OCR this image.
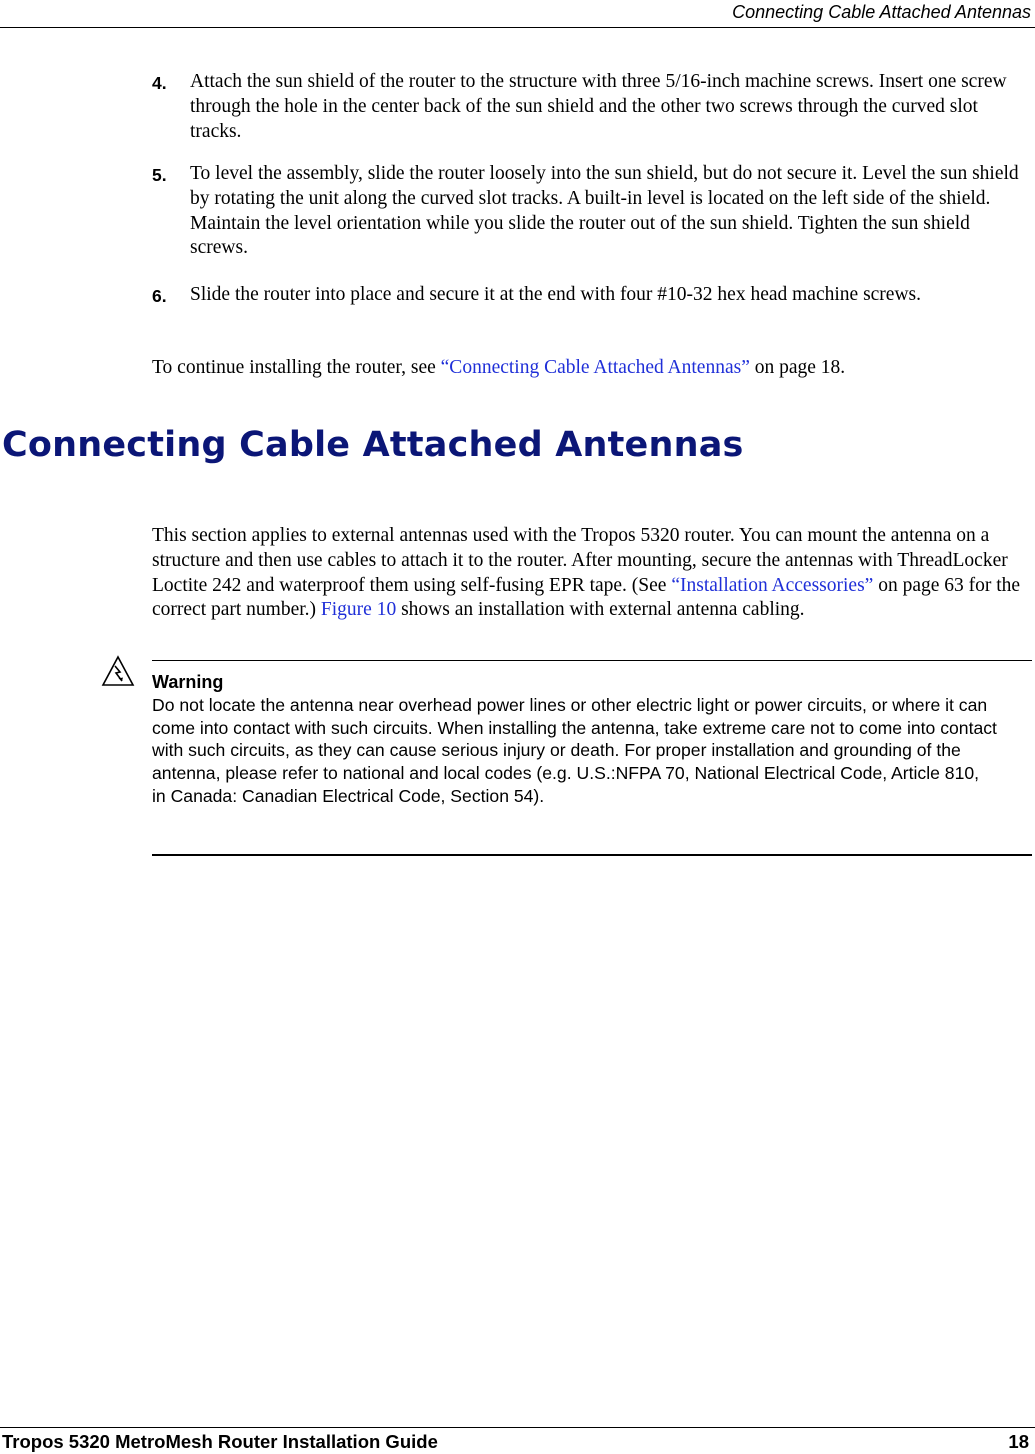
Connecting Cable Attached Antennas
4. Attach the sun shield of the router to the structure with three 5/16-inch machine screws. Insert one screw through the hole in the center back of the sun shield and the other two screws through the curved slot tracks.
5. To level the assembly, slide the router loosely into the sun shield, but do not secure it. Level the sun shield by rotating the unit along the curved slot tracks. A built-in level is located on the left side of the shield. Maintain the level orientation while you slide the router out of the sun shield. Tighten the sun shield screws.
6. Slide the router into place and secure it at the end with four #10-32 hex head machine screws.
To continue installing the router, see “Connecting Cable Attached Antennas” on page 18.
Connecting Cable Attached Antennas
This section applies to external antennas used with the Tropos 5320 router. You can mount the antenna on a structure and then use cables to attach it to the router. After mounting, secure the antennas with ThreadLocker Loctite 242 and waterproof them using self-fusing EPR tape. (See “Installation Accessories” on page 63 for the correct part number.) Figure 10 shows an installation with external antenna cabling.
Warning
Do not locate the antenna near overhead power lines or other electric light or power circuits, or where it can come into contact with such circuits. When installing the antenna, take extreme care not to come into contact with such circuits, as they can cause serious injury or death. For proper installation and grounding of the antenna, please refer to national and local codes (e.g. U.S.:NFPA 70, National Electrical Code, Article 810, in Canada: Canadian Electrical Code, Section 54).
Tropos 5320 MetroMesh Router Installation Guide	18
